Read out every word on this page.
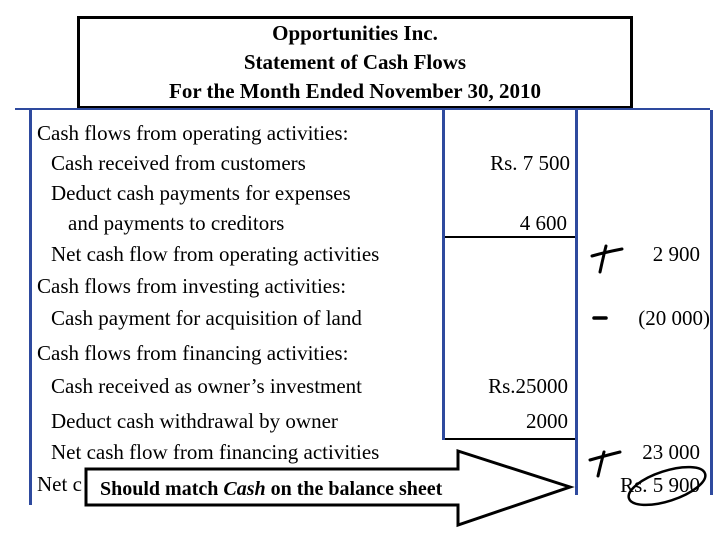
Opportunities Inc.
Statement of Cash Flows
For the Month Ended November 30, 2010
Cash flows from operating activities:
Cash received from customers
Deduct cash payments for expenses
and payments to creditors
Net cash flow from operating activities
Cash flows from investing activities:
Cash payment for acquisition of land
Cash flows from financing activities:
Cash received as owner’s investment
Deduct cash withdrawal by owner
Net cash flow from financing activities
Net c
Rs. 7 500
4 600
Rs.25000
2000
2 900
(20 000)
23 000
Rs. 5 900
Should match Cash on the balance sheet
